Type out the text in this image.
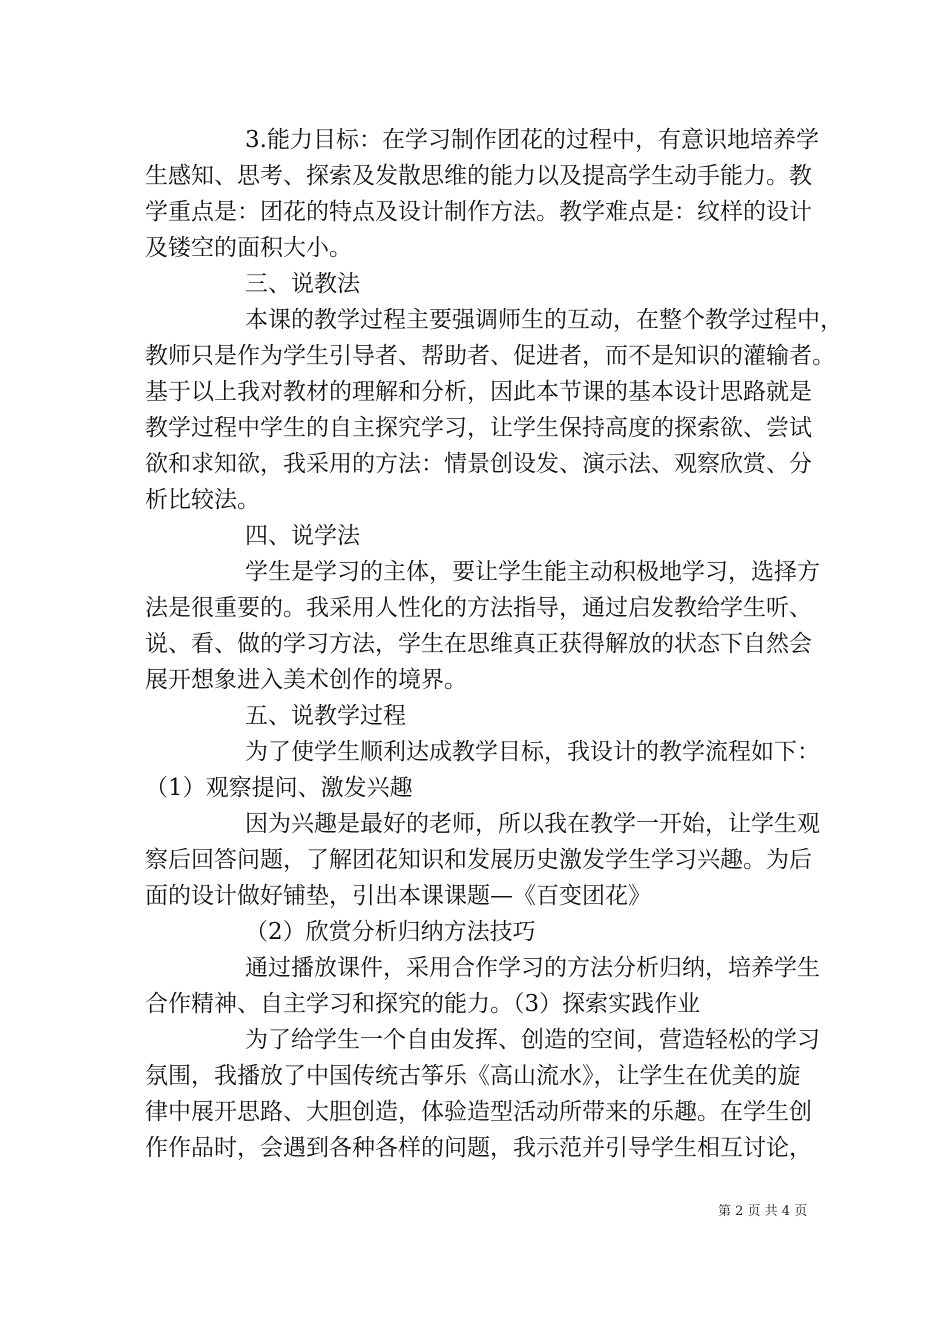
3.能力目标：在学习制作团花的过程中，有意识地培养学
生感知、思考、探索及发散思维的能力以及提高学生动手能力。教
学重点是：团花的特点及设计制作方法。教学难点是：纹样的设计
及镂空的面积大小。
三、说教法
本课的教学过程主要强调师生的互动，在整个教学过程中，
教师只是作为学生引导者、帮助者、促进者，而不是知识的灌输者。
基于以上我对教材的理解和分析，因此本节课的基本设计思路就是
教学过程中学生的自主探究学习，让学生保持高度的探索欲、尝试
欲和求知欲，我采用的方法：情景创设发、演示法、观察欣赏、分
析比较法。
四、说学法
学生是学习的主体，要让学生能主动积极地学习，选择方
法是很重要的。我采用人性化的方法指导，通过启发教给学生听、
说、看、做的学习方法，学生在思维真正获得解放的状态下自然会
展开想象进入美术创作的境界。
五、说教学过程
为了使学生顺利达成教学目标，我设计的教学流程如下：
（1）观察提问、激发兴趣
因为兴趣是最好的老师，所以我在教学一开始，让学生观
察后回答问题，了解团花知识和发展历史激发学生学习兴趣。为后
面的设计做好铺垫，引出本课课题—《百变团花》
（2）欣赏分析归纳方法技巧
通过播放课件，采用合作学习的方法分析归纳，培养学生
合作精神、自主学习和探究的能力。（3）探索实践作业
为了给学生一个自由发挥、创造的空间，营造轻松的学习
氛围，我播放了中国传统古筝乐《高山流水》，让学生在优美的旋
律中展开思路、大胆创造，体验造型活动所带来的乐趣。在学生创
作作品时，会遇到各种各样的问题，我示范并引导学生相互讨论，
第 2 页 共 4 页
